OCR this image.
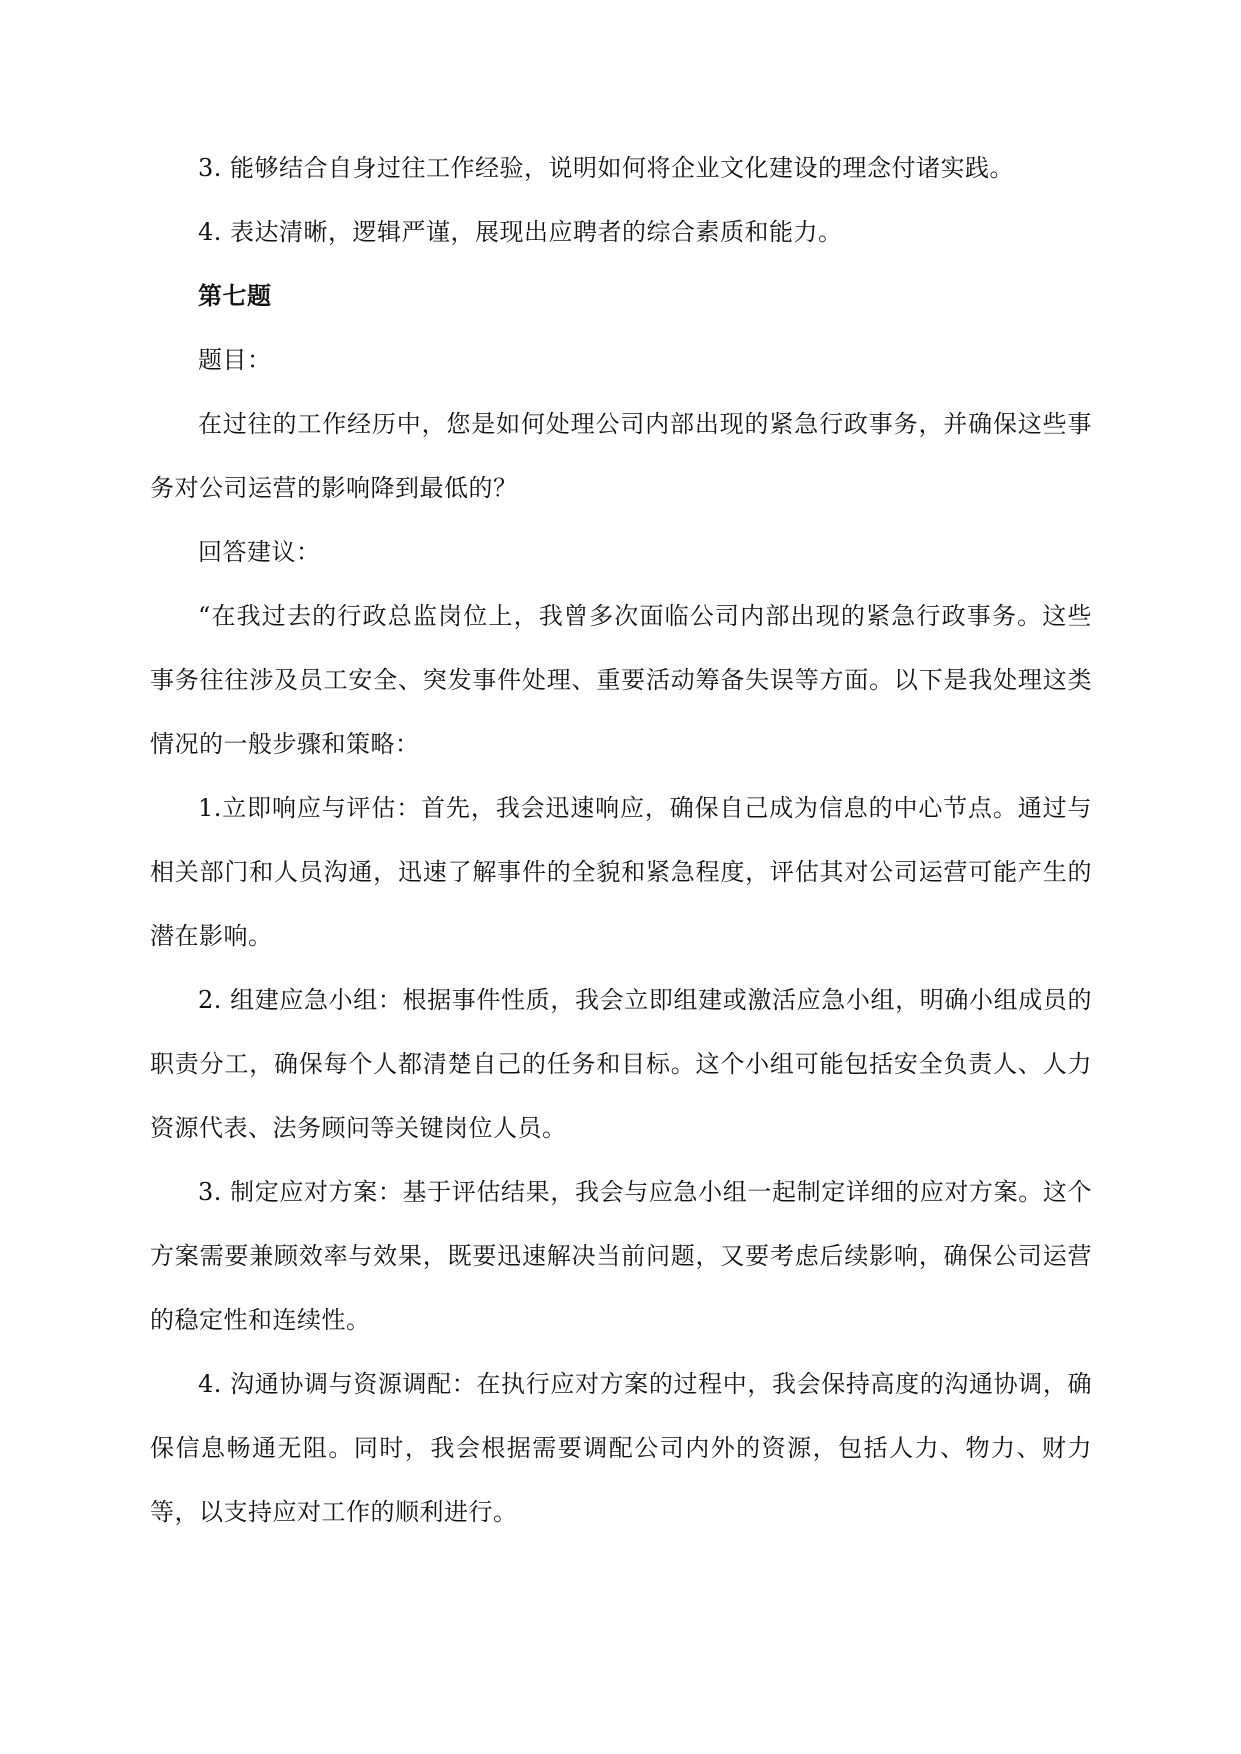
3. 能够结合自身过往工作经验，说明如何将企业文化建设的理念付诸实践。

4. 表达清晰，逻辑严谨，展现出应聘者的综合素质和能力。

第七题

题目：

在过往的工作经历中，您是如何处理公司内部出现的紧急行政事务，并确保这些事务对公司运营的影响降到最低的？

回答建议：

“在我过去的行政总监岗位上，我曾多次面临公司内部出现的紧急行政事务。这些事务往往涉及员工安全、突发事件处理、重要活动筹备失误等方面。以下是我处理这类情况的一般步骤和策略：

1.立即响应与评估：首先，我会迅速响应，确保自己成为信息的中心节点。通过与相关部门和人员沟通，迅速了解事件的全貌和紧急程度，评估其对公司运营可能产生的潜在影响。

2. 组建应急小组：根据事件性质，我会立即组建或激活应急小组，明确小组成员的职责分工，确保每个人都清楚自己的任务和目标。这个小组可能包括安全负责人、人力资源代表、法务顾问等关键岗位人员。

3. 制定应对方案：基于评估结果，我会与应急小组一起制定详细的应对方案。这个方案需要兼顾效率与效果，既要迅速解决当前问题，又要考虑后续影响，确保公司运营的稳定性和连续性。

4. 沟通协调与资源调配：在执行应对方案的过程中，我会保持高度的沟通协调，确保信息畅通无阻。同时，我会根据需要调配公司内外的资源，包括人力、物力、财力等，以支持应对工作的顺利进行。
